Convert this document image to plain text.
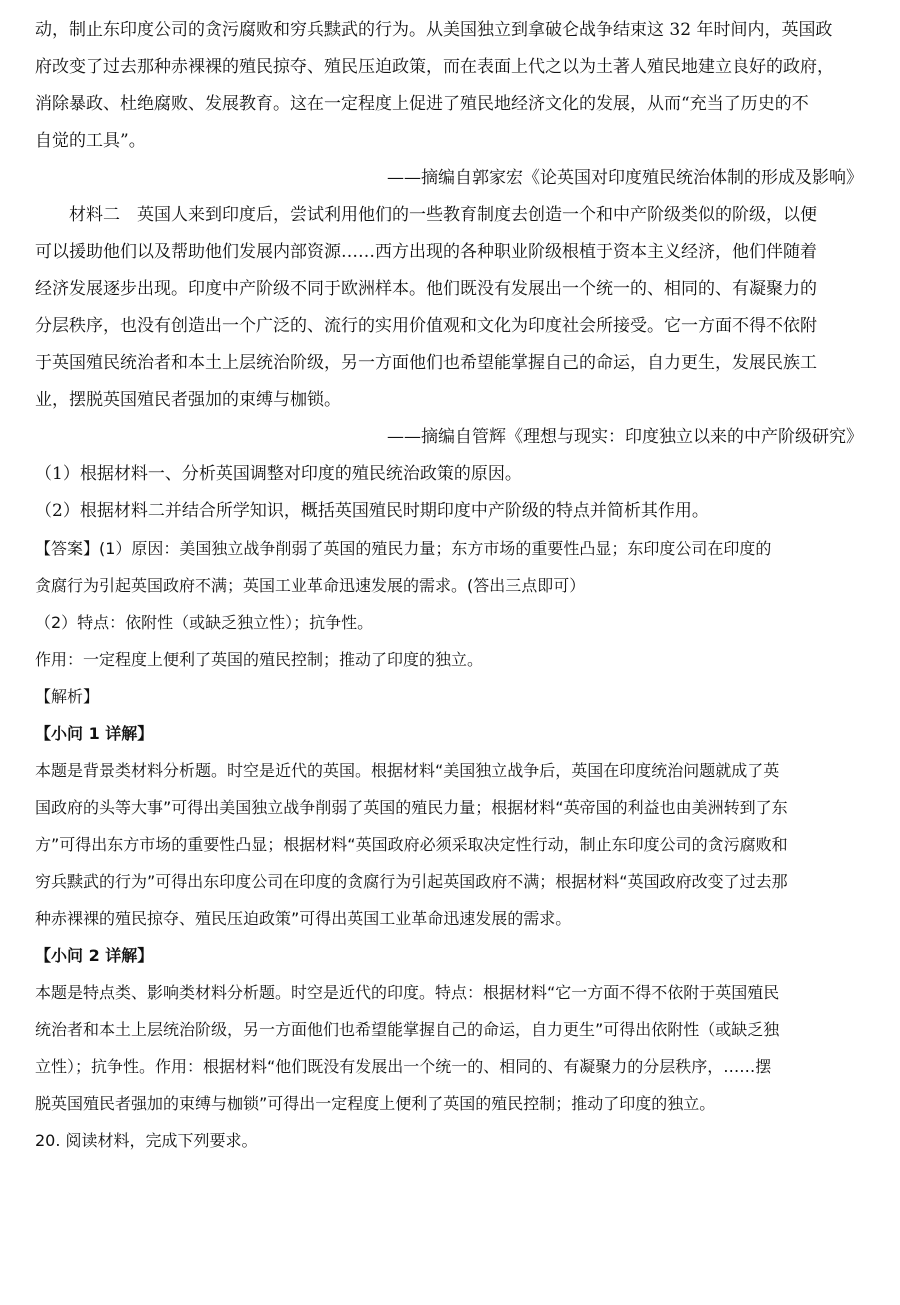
动，制止东印度公司的贪污腐败和穷兵黩武的行为。从美国独立到拿破仑战争结束这 32 年时间内，英国政
府改变了过去那种赤裸裸的殖民掠夺、殖民压迫政策，而在表面上代之以为土著人殖民地建立良好的政府，
消除暴政、杜绝腐败、发展教育。这在一定程度上促进了殖民地经济文化的发展，从而“充当了历史的不
自觉的工具”。
——摘编自郭家宏《论英国对印度殖民统治体制的形成及影响》
材料二　英国人来到印度后，尝试利用他们的一些教育制度去创造一个和中产阶级类似的阶级，以便
可以援助他们以及帮助他们发展内部资源……西方出现的各种职业阶级根植于资本主义经济，他们伴随着
经济发展逐步出现。印度中产阶级不同于欧洲样本。他们既没有发展出一个统一的、相同的、有凝聚力的
分层秩序，也没有创造出一个广泛的、流行的实用价值观和文化为印度社会所接受。它一方面不得不依附
于英国殖民统治者和本土上层统治阶级，另一方面他们也希望能掌握自己的命运，自力更生，发展民族工
业，摆脱英国殖民者强加的束缚与枷锁。
——摘编自管辉《理想与现实：印度独立以来的中产阶级研究》
（1）根据材料一、分析英国调整对印度的殖民统治政策的原因。
（2）根据材料二并结合所学知识，概括英国殖民时期印度中产阶级的特点并简析其作用。
【答案】(1）原因：美国独立战争削弱了英国的殖民力量；东方市场的重要性凸显；东印度公司在印度的
贪腐行为引起英国政府不满；英国工业革命迅速发展的需求。(答出三点即可）
（2）特点：依附性（或缺乏独立性）；抗争性。
作用：一定程度上便利了英国的殖民控制；推动了印度的独立。
【解析】
【小问 1 详解】
本题是背景类材料分析题。时空是近代的英国。根据材料“美国独立战争后，英国在印度统治问题就成了英
国政府的头等大事”可得出美国独立战争削弱了英国的殖民力量；根据材料“英帝国的利益也由美洲转到了东
方”可得出东方市场的重要性凸显；根据材料“英国政府必须采取决定性行动，制止东印度公司的贪污腐败和
穷兵黩武的行为”可得出东印度公司在印度的贪腐行为引起英国政府不满；根据材料“英国政府改变了过去那
种赤裸裸的殖民掠夺、殖民压迫政策”可得出英国工业革命迅速发展的需求。
【小问 2 详解】
本题是特点类、影响类材料分析题。时空是近代的印度。特点：根据材料“它一方面不得不依附于英国殖民
统治者和本土上层统治阶级，另一方面他们也希望能掌握自己的命运，自力更生”可得出依附性（或缺乏独
立性）；抗争性。作用：根据材料“他们既没有发展出一个统一的、相同的、有凝聚力的分层秩序，……摆
脱英国殖民者强加的束缚与枷锁”可得出一定程度上便利了英国的殖民控制；推动了印度的独立。
20. 阅读材料，完成下列要求。
